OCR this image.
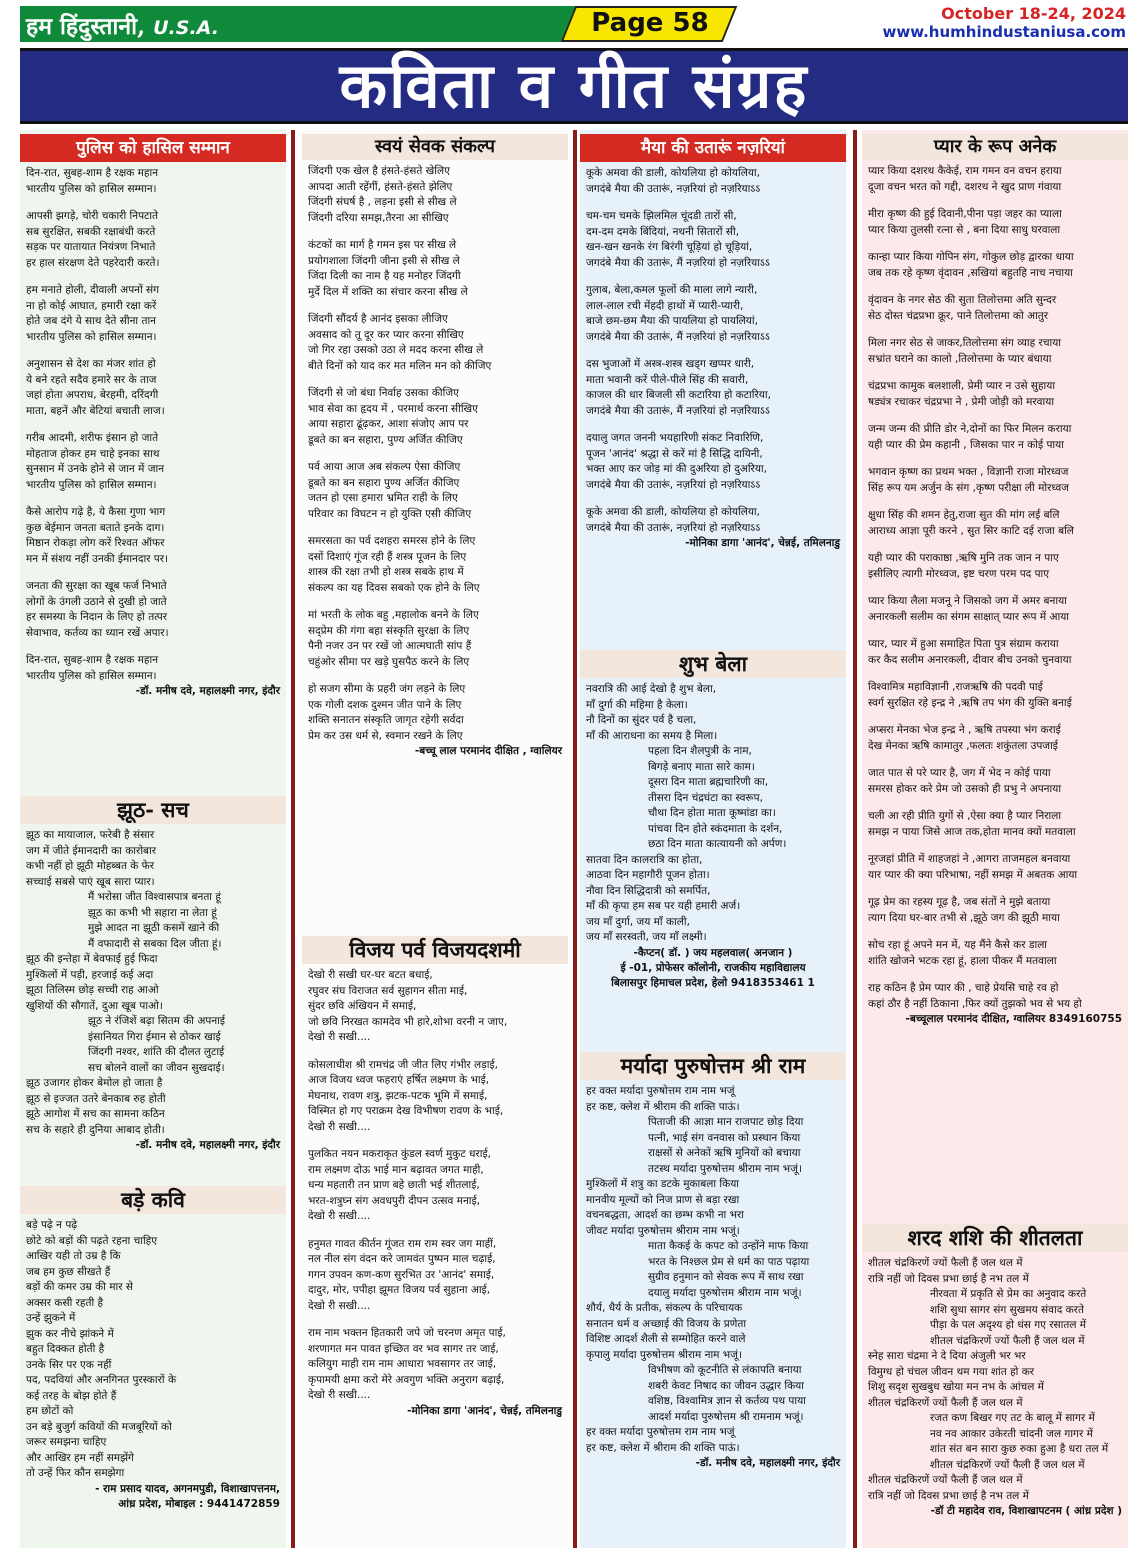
हम हिंदुस्तानी, U.S.A.	Page 58	October 18-24, 2024
www.humhindustaniusa.com
कविता व गीत संग्रह
पुलिस को हासिल सम्मान
दिन-रात, सुबह-शाम है रक्षक महान
भारतीय पुलिस को हासिल सम्मान।
आपसी झगड़े, चोरी चकारी निपटाते
सब सुरक्षित, सबकी रक्षाबंधी करते
सड़क पर यातायात नियंत्रण निभाते
हर हाल संरक्षण देते पहरेदारी करते।
हम मनाते होली, दीवाली अपनों संग
ना हो कोई आघात, हमारी रक्षा करें
होते जब दंगे ये साथ देते सीना तान
भारतीय पुलिस को हासिल सम्मान।
अनुशासन से देश का मंजर शांत हो
ये बने रहते सदैव हमारे सर के ताज
जहां होता अपराध, बेरहमी, दरिंदगी
माता, बहनें और बेटियां बचाती लाज।
गरीब आदमी, शरीफ इंसान हो जाते
मोहताज होकर हम चाहे इनका साथ
सुनसान में उनके होने से जान में जान
भारतीय पुलिस को हासिल सम्मान।
कैसे आरोप गढ़े है, ये कैसा गुणा भाग
कुछ बेईमान जनता बताते इनके दाग।
मिष्ठान रोकड़ा लोग करें रिश्वत ऑफर
मन में संशय नहीं उनकी ईमानदार पर।
जनता की सुरक्षा का खूब फर्ज निभाते
लोगों के उंगली उठाने से दुखी हो जाते
हर समस्या के निदान के लिए हो तत्पर
सेवाभाव, कर्तव्य का ध्यान रखें अपार।
दिन-रात, सुबह-शाम है रक्षक महान
भारतीय पुलिस को हासिल सम्मान।
-डॉ. मनीष दवे, महालक्ष्मी नगर, इंदौर
झूठ- सच
झूठ का मायाजाल, फरेबी है संसार
जग में जीते ईमानदारी का कारोबार
कभी नहीं हो झूठी मोहब्बत के फेर
सच्चाई सबसे पाएं खूब सारा प्यार।
मैं भरोसा जीत विश्वासपात्र बनता हूं
झूठ का कभी भी सहारा ना लेता हूं
मुझे आदत ना झूठी कसमें खाने की
मैं वफादारी से सबका दिल जीता हूं।
झूठ की इन्तेहा में बेवफाई हुई फिदा
मुश्किलों में पड़ी, हरजाई कई अदा
झूठा तिलिस्म छोड़ सच्ची राह आओ
खुशियों की सौगातें, दुआ खूब पाओ।
झूठ ने रंजिशें बढ़ा सितम की अपनाई
इंसानियत गिरा ईमान से ठोकर खाई
जिंदगी नश्वर, शांति की दौलत लुटाई
सच बोलने वालों का जीवन सुखदाई।
झूठ उजागर होकर बेमोल हो जाता है
झूठ से इज्जत उतरे बेनकाब रुह होती
झूठे आगोश में सच का सामना कठिन
सच के सहारे ही दुनिया आबाद होती।
-डॉ. मनीष दवे, महालक्ष्मी नगर, इंदौर
बड़े कवि
बड़े पढ़े न पढ़े
छोटे को बड़ों की पढ़ते रहना चाहिए
आखिर यही तो उम्र है कि
जब हम कुछ सीखते हैं
बड़ों की कमर उम्र की मार से
अक्सर कसी रहती है
उन्हें झुकने में
झुक कर नीचे झांकने में
बहुत दिक्कत होती है
उनके सिर पर एक नहीं
पद, पदवियां और अनगिनत पुरस्कारों के
कई तरह के बोझ होते हैं
हम छोटों को
उन बड़े बुजुर्ग कवियों की मजबूरियों को
जरूर समझना चाहिए
और आखिर हम नहीं समझेंगे
तो उन्हें फिर कौन समझेगा
- राम प्रसाद यादव, अगनमपुडी, विशाखापत्तनम,
आंध्र प्रदेश, मोबाइल : 9441472859
स्वयं सेवक संकल्प
जिंदगी एक खेल है हंसते-हंसते खेलिए
आपदा आती रहेंगीं, हंसते-हंसते झेलिए
जिंदगी संघर्ष है , लड़ना इसी से सीख ले
जिंदगी दरिया समझ,तैरना आ सीखिए
कंटकों का मार्ग है गमन इस पर सीख ले
प्रयोगशाला जिंदगी जीना इसी से सीख ले
जिंदा दिली का नाम है यह मनोहर जिंदगी
मुर्दे दिल में शक्ति का संचार करना सीख ले
जिंदगी सौंदर्य है आनंद इसका लीजिए
अवसाद को तू दूर कर प्यार करना सीखिए
जो गिर रहा उसको उठा ले मदद करना सीख ले
बीते दिनों को याद कर मत मलिन मन को कीजिए
जिंदगी से जो बंधा निर्वाह उसका कीजिए
भाव सेवा का हृदय में , परमार्थ करना सीखिए
आया सहारा ढूंढ़कर, आशा संजोए आप पर
डूबते का बन सहारा, पुण्य अर्जित कीजिए
पर्व आया आज अब संकल्प ऐसा कीजिए
डूबते का बन सहारा पुण्य अर्जित कीजिए
जतन हो एसा हमारा भ्रमित राही के लिए
परिवार का विघटन न हो युक्ति एसी कीजिए
समरसता का पर्व दशहरा समरस होने के लिए
दसों दिशाएं गूंज रही हैं शस्त्र पूजन के लिए
शास्त्र की रक्षा तभी हो शस्त्र सबके हाथ में
संकल्प का यह दिवस सबको एक होने के लिए
मां भरती के लोक बहु ,महालोक बनने के लिए
सद्प्रेम की गंगा बहा संस्कृति सुरक्षा के लिए
पैनी नजर उन पर रखें जो आत्मघाती सांप हैं
चहुंओर सीमा पर खड़े घुसपैठ करने के लिए
हो सजग सीमा के प्रहरी जंग लड़ने के लिए
एक गोली दशक दुश्मन जीत पाने के लिए
शक्ति सनातन संस्कृति जागृत रहेगी सर्वदा
प्रेम कर उस धर्म से, स्वमान रखने के लिए
-बच्चू लाल परमानंद दीक्षित , ग्वालियर
विजय पर्व विजयदशमी
देखो री सखी घर-घर बटत बधाई,
रघुवर संघ विराजत सर्व सुहागन सीता माई,
सुंदर छवि अंखियन में समाई,
जो छवि निरखत कामदेव भी हारे,शोभा वरनी न जाए,
देखो री सखी....
कोसलाधीश श्री रामचंद्र जी जीत लिए गंभीर लड़ाई,
आज विजय ध्वज फहराएं हर्षित लक्ष्मण के भाई,
मेघनाथ, रावण शत्रु, झटक-पटक भूमि में समाई,
विस्मित हो गए पराक्रम देख विभीषण रावण के भाई,
देखो री सखी....
पुलकित नयन मकराकृत कुंडल स्वर्ण मुकुट धराई,
राम लक्ष्मण दोऊ भाई मान बढ़ावत जगत माही,
धन्य महतारी तन प्राण बहे छाती भई शीतलाई,
भरत-शत्रुघ्न संग अवधपुरी दीपन उत्सव मनाई,
देखो री सखी....
हनुमत गावत कीर्तन गूंजत राम राम स्वर जग माहीं,
नल नील संग वंदन करे जामवंत पुष्पन माल चढ़ाई,
गगन उपवन कण-कण सुरभित उर 'आनंद' समाई,
दादुर, मोर, पपीहा झूमत विजय पर्व सुहाना आई,
देखो री सखी....
राम नाम भक्तन हितकारी जपे जो चरनण अमृत पाई,
शरणागत मन पावत इच्छित वर भव सागर तर जाई,
कलियुग माही राम नाम आधारा भवसागर तर जाई,
कृपामयी क्षमा करो मेरे अवगुण भक्ति अनुराग बढ़ाई,
देखो री सखी....
-मोनिका डागा 'आनंद', चेन्नई, तमिलनाडु
मैया की उतारूं नज़रियां
कूके अमवा की डाली, कोयलिया हो कोयलिया,
जगदंबे मैया की उतारूं, नज़रियां हो नज़रियाऽऽ
चम-चम चमके झिलमिल चूंदडी तारों सी,
दम-दम दमके बिंदियां, नथनी सितारों सी,
खन-खन खनके रंग बिरंगी चूड़ियां हो चूड़ियां,
जगदंबे मैया की उतारूं, मैं नज़रियां हो नज़रियाऽऽ
गुलाब, बेला,कमल फूलों की माला लागे न्यारी,
लाल-लाल रची मेंहदी हाथों में प्यारी-प्यारी,
बाजे छम-छम मैया की पायलिया हो पायलियां,
जगदंबे मैया की उतारूं, मैं नज़रियां हो नज़रियाऽऽ
दस भुजाओं में अस्त्र-शस्त्र खड्ग खप्पर धारी,
माता भवानी करें पीले-पीले सिंह की सवारी,
काजल की धार बिजली सी कटारिया हो कटारिया,
जगदंबे मैया की उतारूं, मैं नज़रियां हो नज़रियाऽऽ
दयालु जगत जननी भयहारिणी संकट निवारिणि,
पूजन 'आनंद' श्रद्धा से करें मां है सिद्धि दायिनी,
भक्त आए कर जोड़ मां की दुअरिया हो दुअरिया,
जगदंबे मैया की उतारूं, नज़रियां हो नज़रियाऽऽ
कूके अमवा की डाली, कोयलिया हो कोयलिया,
जगदंबे मैया की उतारूं, नज़रियां हो नज़रियाऽऽ
-मोनिका डागा 'आनंद', चेन्नई, तमिलनाडु
शुभ बेला
नवरात्रि की आई देखो है शुभ बेला,
माँ दुर्गा की महिमा है केला।
नौ दिनों का सुंदर पर्व है चला,
माँ की आराधना का समय है मिला।
पहला दिन शैलपुत्री के नाम,
बिगड़े बनाए माता सारे काम।
दूसरा दिन माता ब्रह्मचारिणी का,
तीसरा दिन चंद्रघंटा का स्वरूप,
चौथा दिन होता माता कूष्मांडा का।
पांचवा दिन होते स्कंदमाता के दर्शन,
छठा दिन माता कात्यायनी को अर्पण।
सातवा दिन कालरात्रि का होता,
आठवा दिन महागौरी पूजन होता।
नौवा दिन सिद्धिदात्री को समर्पित,
माँ की कृपा हम सब पर यही हमारी अर्ज।
जय माँ दुर्गा, जय माँ काली,
जय माँ सरस्वती, जय माँ लक्ष्मी।
-कैप्टन( डॉ. ) जय महलवाल( अनजान )
ई -01, प्रोफेसर कॉलोनी, राजकीय महाविद्यालय
बिलासपुर हिमाचल प्रदेश, हेलो 9418353461 1
मर्यादा पुरुषोत्तम श्री राम
हर वक्त मर्यादा पुरुषोत्तम राम नाम भजूं
हर कष्ट, क्लेश में श्रीराम की शक्ति पाऊं।
पिताजी की आज्ञा मान राजपाट छोड़ दिया
पत्नी, भाई संग वनवास को प्रस्थान किया
राक्षसों से अनेकों ऋषि मुनियों को बचाया
तटस्थ मर्यादा पुरुषोत्तम श्रीराम नाम भजूं।
मुश्किलों में शत्रु का डटके मुकाबला किया
मानवीय मूल्यों को निज प्राण से बड़ा रखा
वचनबद्धता, आदर्श का छम्भ कभी ना भरा
जीवट मर्यादा पुरुषोत्तम श्रीराम नाम भजूं।
माता कैकई के कपट को उन्होंने माफ किया
भरत के निश्छल प्रेम से धर्म का पाठ पढ़ाया
सुग्रीव हनुमान को सेवक रूप में साथ रखा
दयालु मर्यादा पुरुषोत्तम श्रीराम नाम भजूं।
शौर्य, धैर्य के प्रतीक, संकल्प के परिचायक
सनातन धर्म व अच्छाई की विजय के प्रणेता
विशिष्ट आदर्श शैली से सम्मोहित करने वाले
कृपालु मर्यादा पुरुषोत्तम श्रीराम नाम भजूं।
विभीषण को कूटनीति से लंकापति बनाया
शबरी केवट निषाद का जीवन उद्धार किया
वशिष्ठ, विश्वामित्र ज्ञान से कर्तव्य पथ पाया
आदर्श मर्यादा पुरुषोत्तम श्री रामनाम भजूं।
हर वक्त मर्यादा पुरुषोत्तम राम नाम भजूं
हर कष्ट, क्लेश में श्रीराम की शक्ति पाऊं।
-डॉ. मनीष दवे, महालक्ष्मी नगर, इंदौर
प्यार के रूप अनेक
प्यार किया दशरथ कैकेई, राम गमन वन वचन हराया
दूजा वचन भरत को गद्दी, दशरथ ने खुद प्राण गंवाया
मीरा कृष्ण की हुई दिवानी,पीना पड़ा जहर का प्याला
प्यार किया तुलसी रत्ना से , बना दिया साधु घरवाला
कान्हा प्यार किया गोपिन संग, गोकुल छोड़ द्वारका धाया
जब तक रहे कृष्ण वृंदावन ,सखियां बहुतहि नाच नचाया
वृंदावन के नगर सेठ की सुता तिलोत्तमा अति सुन्दर
सेठ दोस्त चंद्रप्रभा क्रूर, पाने तिलोत्तमा को आतुर
मिला नगर सेठ से जाकर,तिलोत्तमा संग व्याह रचाया
सभ्रांत घराने का कालो ,तिलोत्तमा के प्यार बंधाया
चंद्रप्रभा कामुक बलशाली, प्रेमी प्यार न उसे सुहाया
षड्यंत्र रचाकर चंद्रप्रभा ने , प्रेमी जोड़ी को मरवाया
जन्म जन्म की प्रीति डोर ने,दोनों का फिर मिलन कराया
यही प्यार की प्रेम कहानी , जिसका पार न कोई पाया
भगवान कृष्ण का प्रथम भक्त , विज्ञानी राजा मोरध्वज
सिंह रूप यम अर्जुन के संग ,कृष्ण परीक्षा ली मोरध्वज
क्षुधा सिंह की शमन हेतु,राजा सुत की मांग लई बलि
आराध्य आज्ञा पूरी करने , सुत सिर काटि दई राजा बलि
यही प्यार की पराकाष्ठा ,ऋषि मुनि तक जान न पाए
इसीलिए त्यागी मोरध्वज, इष्ट चरण परम पद पाए
प्यार किया लैला मजनू ने जिसको जग में अमर बनाया
अनारकली सलीम का संगम साक्षात् प्यार रूप में आया
प्यार, प्यार में हुआ समाहित पिता पुत्र संग्राम कराया
कर कैद सलीम अनारकली, दीवार बीच उनको चुनवाया
विश्वामित्र महाविज्ञानी ,राजऋषि की पदवी पाई
स्वर्ग सुरक्षित रहे इन्द्र ने ,ऋषि तप भंग की युक्ति बनाई
अप्सरा मेनका भेज इन्द्र ने , ऋषि तपस्या भंग कराई
देख मेनका ऋषि कामातुर ,फलतः शकुंतला उपजाई
जात पात से परे प्यार है, जग में भेद न कोई पाया
समरस होकर करे प्रेम जो उसको ही प्रभु ने अपनाया
चली आ रही प्रीति युगों से ,ऐसा क्या है प्यार निराला
समझ न पाया जिसे आज तक,होता मानव क्यों मतवाला
नूरजहां प्रीति में शाहजहां ने ,आगरा ताजमहल बनवाया
यार प्यार की क्या परिभाषा, नहीं समझ में अबतक आया
गूढ़ प्रेम का रहस्य गूढ़ है, जब संतों ने मुझे बताया
त्याग दिया घर-बार तभी से ,झूठे जग की झूठी माया
सोच रहा हूं अपने मन में, यह मैंने कैसे कर डाला
शांति खोजने भटक रहा हूं, हाला पीकर मैं मतवाला
राह कठिन है प्रेम प्यार की , चाहे प्रेयसि चाहे रव हो
कहां ठौर है नहीं ठिकाना ,फिर क्यों तुझको भव से भय हो
-बच्चूलाल परमानंद दीक्षित, ग्वालियर 8349160755
शरद शशि की शीतलता
शीतल चंद्रकिरणें ज्यों फैली हैं जल थल में
रात्रि नहीं जो दिवस प्रभा छाई है नभ तल में
नीरवता में प्रकृति से प्रेम का अनुवाद करते
शशि सुधा सागर संग सुखमय संवाद करते
पीड़ा के पल अदृश्य हो धंस गए रसातल में
शीतल चंद्रकिरणें ज्यों फैली हैं जल थल में
स्नेह सारा चंद्रमा ने दे दिया अंजुली भर भर
विमुग्ध हो चंचल जीवन थम गया शांत हो कर
शिशु सदृश सुखबुध खोया मन नभ के आंचल में
शीतल चंद्रकिरणें ज्यों फैली हैं जल थल में
रजत कण बिखर गए तट के बालू में सागर में
नव नव आकार उकेरती चांदनी जल गागर में
शांत संत बन सारा कुछ रुका हुआ है धरा तल में
शीतल चंद्रकिरणें ज्यों फैली हैं जल थल में
शीतल चंद्रकिरणें ज्यों फैली हैं जल थल में
रात्रि नहीं जो दिवस प्रभा छाई है नभ तल में
-डॉ टी महादेव राव, विशाखापटनम ( आंध्र प्रदेश )
